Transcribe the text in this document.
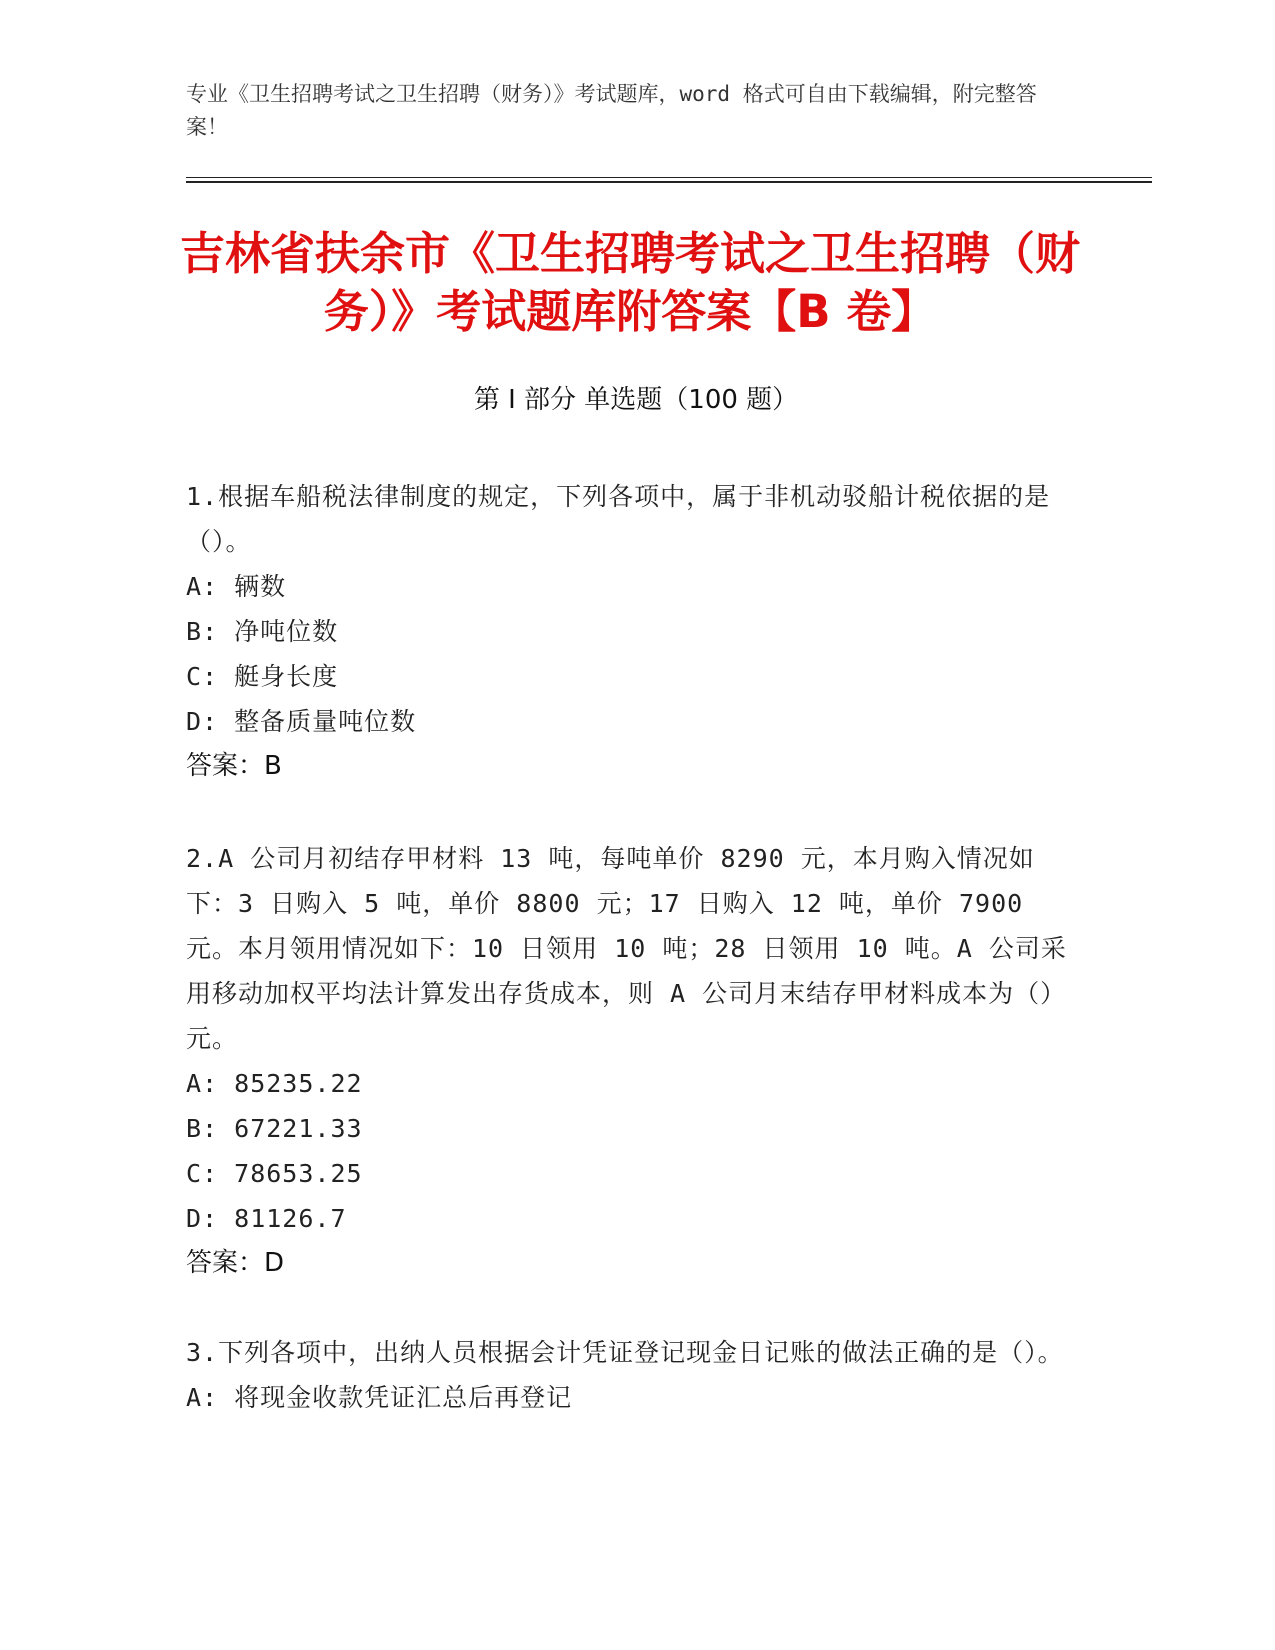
专业《卫生招聘考试之卫生招聘（财务）》考试题库，word 格式可自由下载编辑，附完整答案！
吉林省扶余市《卫生招聘考试之卫生招聘（财务）》考试题库附答案【B 卷】
第 I 部分 单选题（100 题）
1.根据车船税法律制度的规定，下列各项中，属于非机动驳船计税依据的是（）。
A: 辆数
B: 净吨位数
C: 艇身长度
D: 整备质量吨位数
答案：B
2.A 公司月初结存甲材料 13 吨，每吨单价 8290 元，本月购入情况如下：3 日购入 5 吨，单价 8800 元；17 日购入 12 吨，单价 7900 元。本月领用情况如下：10 日领用 10 吨；28 日领用 10 吨。A 公司采用移动加权平均法计算发出存货成本，则 A 公司月末结存甲材料成本为（）元。
A: 85235.22
B: 67221.33
C: 78653.25
D: 81126.7
答案：D
3.下列各项中，出纳人员根据会计凭证登记现金日记账的做法正确的是（）。
A: 将现金收款凭证汇总后再登记
